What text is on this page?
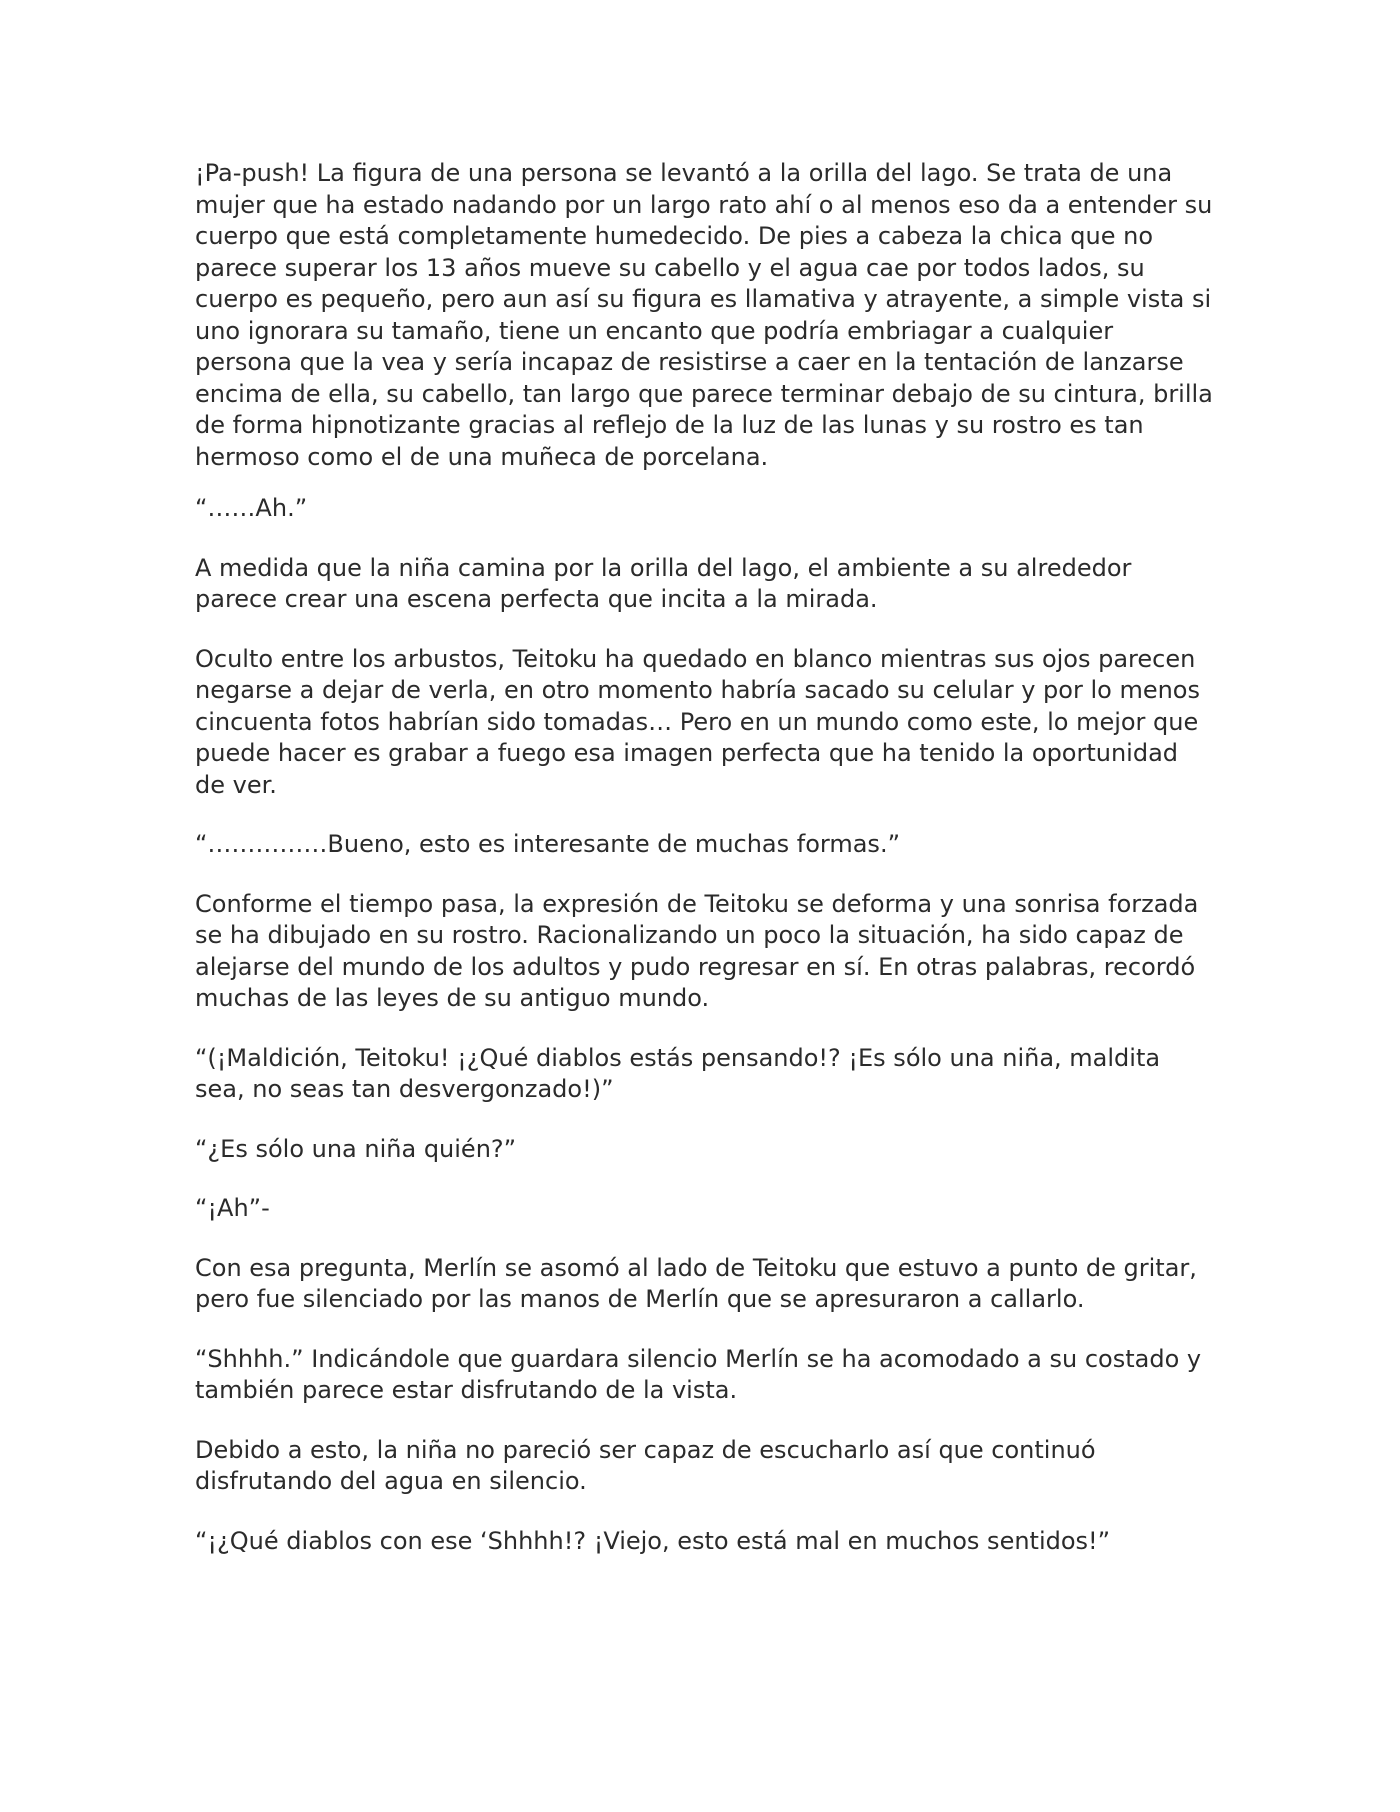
¡Pa-push! La figura de una persona se levantó a la orilla del lago. Se trata de una mujer que ha estado nadando por un largo rato ahí o al menos eso da a entender su cuerpo que está completamente humedecido. De pies a cabeza la chica que no parece superar los 13 años mueve su cabello y el agua cae por todos lados, su cuerpo es pequeño, pero aun así su figura es llamativa y atrayente, a simple vista si uno ignorara su tamaño, tiene un encanto que podría embriagar a cualquier persona que la vea y sería incapaz de resistirse a caer en la tentación de lanzarse encima de ella, su cabello, tan largo que parece terminar debajo de su cintura, brilla de forma hipnotizante gracias al reflejo de la luz de las lunas y su rostro es tan hermoso como el de una muñeca de porcelana.

“……Ah.”

A medida que la niña camina por la orilla del lago, el ambiente a su alrededor parece crear una escena perfecta que incita a la mirada.

Oculto entre los arbustos, Teitoku ha quedado en blanco mientras sus ojos parecen negarse a dejar de verla, en otro momento habría sacado su celular y por lo menos cincuenta fotos habrían sido tomadas… Pero en un mundo como este, lo mejor que puede hacer es grabar a fuego esa imagen perfecta que ha tenido la oportunidad de ver.

“……………Bueno, esto es interesante de muchas formas.”

Conforme el tiempo pasa, la expresión de Teitoku se deforma y una sonrisa forzada se ha dibujado en su rostro. Racionalizando un poco la situación, ha sido capaz de alejarse del mundo de los adultos y pudo regresar en sí. En otras palabras, recordó muchas de las leyes de su antiguo mundo.

“(¡Maldición, Teitoku! ¡¿Qué diablos estás pensando!? ¡Es sólo una niña, maldita sea, no seas tan desvergonzado!)”

“¿Es sólo una niña quién?”

“¡Ah”-

Con esa pregunta, Merlín se asomó al lado de Teitoku que estuvo a punto de gritar, pero fue silenciado por las manos de Merlín que se apresuraron a callarlo.

“Shhhh.” Indicándole que guardara silencio Merlín se ha acomodado a su costado y también parece estar disfrutando de la vista.

Debido a esto, la niña no pareció ser capaz de escucharlo así que continuó disfrutando del agua en silencio.

“¡¿Qué diablos con ese ‘Shhhh!? ¡Viejo, esto está mal en muchos sentidos!”
